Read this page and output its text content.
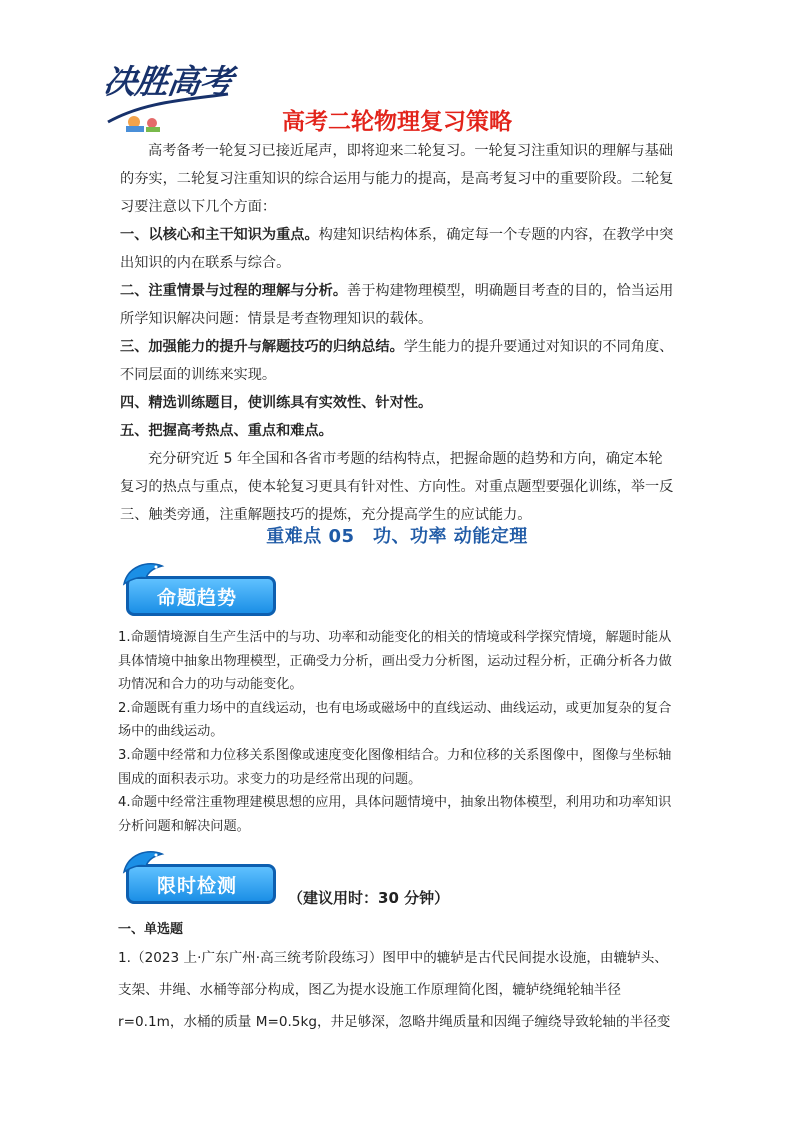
决胜高考
高考二轮物理复习策略

高考备考一轮复习已接近尾声，即将迎来二轮复习。一轮复习注重知识的理解与基础的夯实，二轮复习注重知识的综合运用与能力的提高，是高考复习中的重要阶段。二轮复习要注意以下几个方面：

一、以核心和主干知识为重点。构建知识结构体系，确定每一个专题的内容，在教学中突出知识的内在联系与综合。

二、注重情景与过程的理解与分析。善于构建物理模型，明确题目考查的目的，恰当运用所学知识解决问题：情景是考查物理知识的载体。

三、加强能力的提升与解题技巧的归纳总结。学生能力的提升要通过对知识的不同角度、不同层面的训练来实现。

四、精选训练题目，使训练具有实效性、针对性。

五、把握高考热点、重点和难点。

充分研究近 5 年全国和各省市考题的结构特点，把握命题的趋势和方向，确定本轮复习的热点与重点，使本轮复习更具有针对性、方向性。对重点题型要强化训练，举一反三、触类旁通，注重解题技巧的提炼，充分提高学生的应试能力。

重难点 05　功、功率 动能定理
命题趋势

1.命题情境源自生产生活中的与功、功率和动能变化的相关的情境或科学探究情境，解题时能从具体情境中抽象出物理模型，正确受力分析，画出受力分析图，运动过程分析，正确分析各力做功情况和合力的功与动能变化。

2.命题既有重力场中的直线运动，也有电场或磁场中的直线运动、曲线运动，或更加复杂的复合场中的曲线运动。

3.命题中经常和力位移关系图像或速度变化图像相结合。力和位移的关系图像中，图像与坐标轴围成的面积表示功。求变力的功是经常出现的问题。

4.命题中经常注重物理建模思想的应用，具体问题情境中，抽象出物体模型，利用功和功率知识分析问题和解决问题。

限时检测
（建议用时：30 分钟）
一、单选题
1.（2023 上·广东广州·高三统考阶段练习）图甲中的辘轳是古代民间提水设施，由辘轳头、支架、井绳、水桶等部分构成，图乙为提水设施工作原理简化图，辘轳绕绳轮轴半径 r=0.1m，水桶的质量 M=0.5kg，井足够深，忽略井绳质量和因绳子缠绕导致轮轴的半径变
